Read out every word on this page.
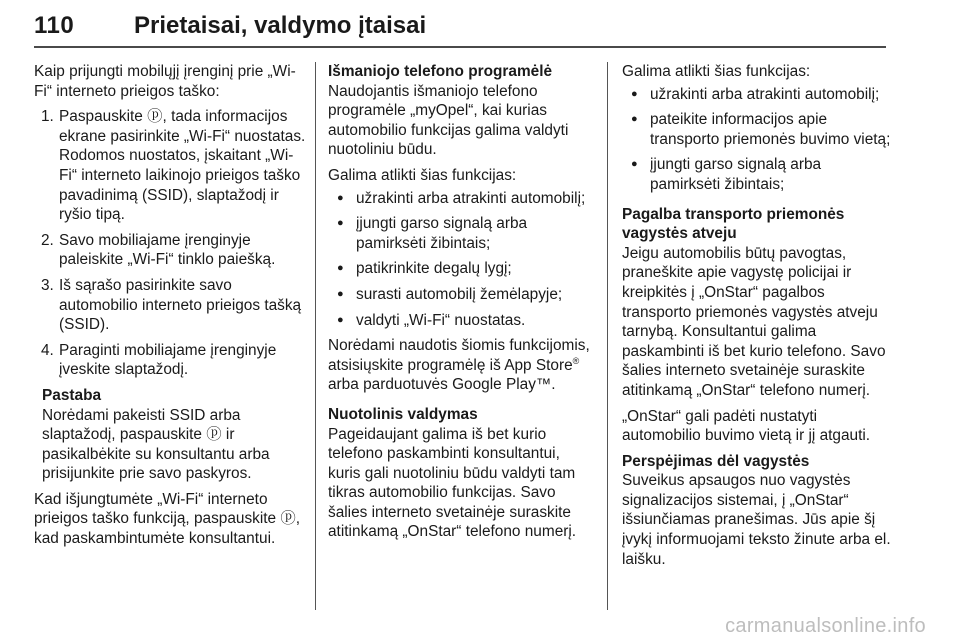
110 Prietaisai, valdymo įtaisai

Kaip prijungti mobilųjį įrenginį prie „Wi-Fi“ interneto prieigos taško:

1. Paspauskite ⓟ, tada informacijos ekrane pasirinkite „Wi-Fi“ nuostatas. Rodomos nuostatos, įskaitant „Wi-Fi“ interneto laikinojo prieigos taško pavadinimą (SSID), slaptažodį ir ryšio tipą.
2. Savo mobiliajame įrenginyje paleiskite „Wi-Fi“ tinklo paiešką.
3. Iš sąrašo pasirinkite savo automobilio interneto prieigos tašką (SSID).
4. Paraginti mobiliajame įrenginyje įveskite slaptažodį.

Pastaba

Norėdami pakeisti SSID arba slaptažodį, paspauskite ⓟ ir pasikalbėkite su konsultantu arba prisijunkite prie savo paskyros.

Kad išjungtumėte „Wi-Fi“ interneto prieigos taško funkciją, paspauskite ⓟ, kad paskambintumėte konsultantui.

Išmaniojo telefono programėlė

Naudojantis išmaniojo telefono programėle „myOpel“, kai kurias automobilio funkcijas galima valdyti nuotoliniu būdu.

Galima atlikti šias funkcijas:

● užrakinti arba atrakinti automobilį;
● įjungti garso signalą arba pamirksėti žibintais;
● patikrinkite degalų lygį;
● surasti automobilį žemėlapyje;
● valdyti „Wi-Fi“ nuostatas.

Norėdami naudotis šiomis funkcijomis, atsisiųskite programėlę iš App Store® arba parduotuvės Google Play™.

Nuotolinis valdymas

Pageidaujant galima iš bet kurio telefono paskambinti konsultantui, kuris gali nuotoliniu būdu valdyti tam tikras automobilio funkcijas. Savo šalies interneto svetainėje suraskite atitinkamą „OnStar“ telefono numerį.

Galima atlikti šias funkcijas:

● užrakinti arba atrakinti automobilį;
● pateikite informacijos apie transporto priemonės buvimo vietą;
● įjungti garso signalą arba pamirksėti žibintais;

Pagalba transporto priemonės vagystės atveju

Jeigu automobilis būtų pavogtas, praneškite apie vagystę policijai ir kreipkitės į „OnStar“ pagalbos transporto priemonės vagystės atveju tarnybą. Konsultantui galima paskambinti iš bet kurio telefono. Savo šalies interneto svetainėje suraskite atitinkamą „OnStar“ telefono numerį.

„OnStar“ gali padėti nustatyti automobilio buvimo vietą ir jį atgauti.

Perspėjimas dėl vagystės

Suveikus apsaugos nuo vagystės signalizacijos sistemai, į „OnStar“ išsiunčiamas pranešimas. Jūs apie šį įvykį informuojami teksto žinute arba el. laišku.

carmanualsonline.info
